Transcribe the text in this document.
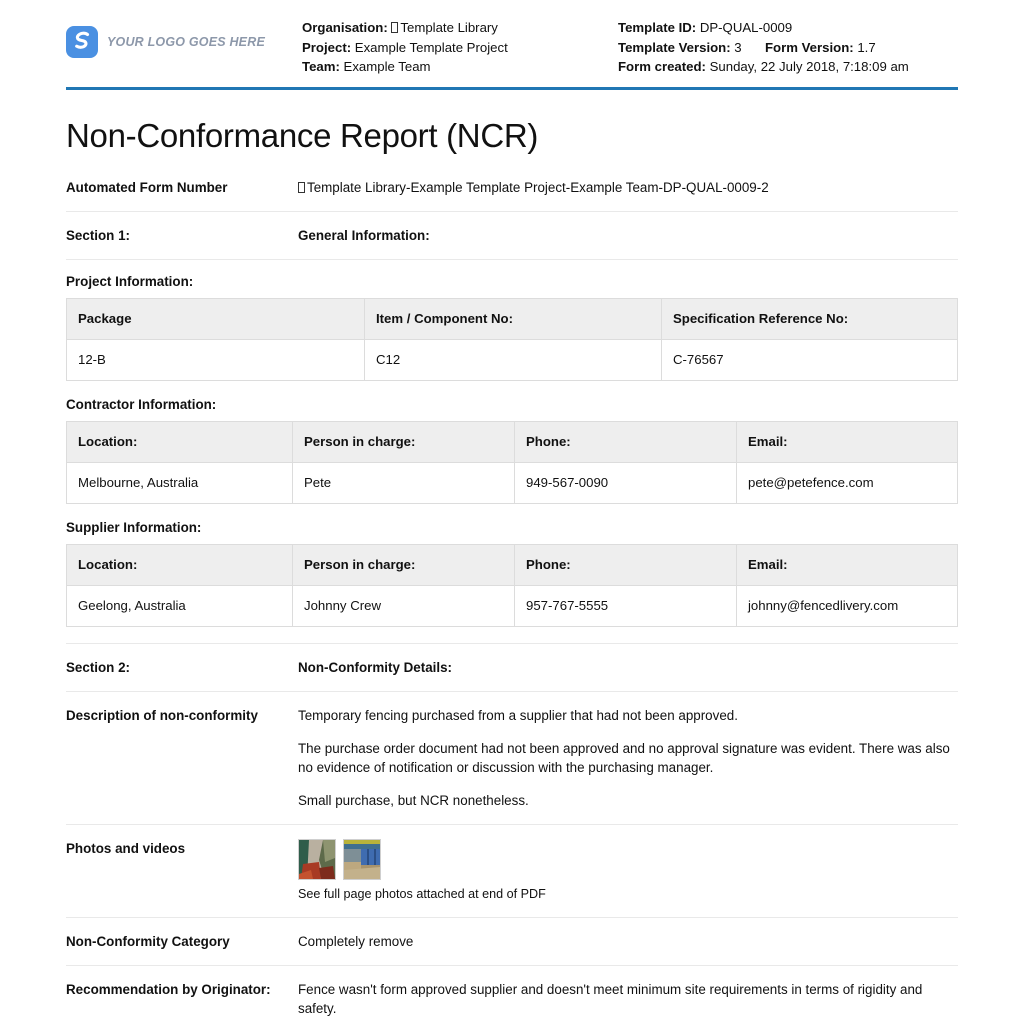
YOUR LOGO GOES HERE
Organisation: Template Library
Project: Example Template Project
Team: Example Team
Template ID: DP-QUAL-0009
Template Version: 3 Form Version: 1.7
Form created: Sunday, 22 July 2018, 7:18:09 am
Non-Conformance Report (NCR)
Automated Form Number	Template Library-Example Template Project-Example Team-DP-QUAL-0009-2
Section 1:	General Information:
Project Information:
Package	Item / Component No:	Specification Reference No:
12-B	C12	C-76567
Contractor Information:
Location:	Person in charge:	Phone:	Email:
Melbourne, Australia	Pete	949-567-0090	pete@petefence.com
Supplier Information:
Location:	Person in charge:	Phone:	Email:
Geelong, Australia	Johnny Crew	957-767-5555	johnny@fencedlivery.com
Section 2:	Non-Conformity Details:
Description of non-conformity	Temporary fencing purchased from a supplier that had not been approved.

The purchase order document had not been approved and no approval signature was evident. There was also no evidence of notification or discussion with the purchasing manager.

Small purchase, but NCR nonetheless.

Photos and videos
See full page photos attached at end of PDF
Non-Conformity Category	Completely remove
Recommendation by Originator:	Fence wasn't form approved supplier and doesn't meet minimum site requirements in terms of rigidity and safety.
